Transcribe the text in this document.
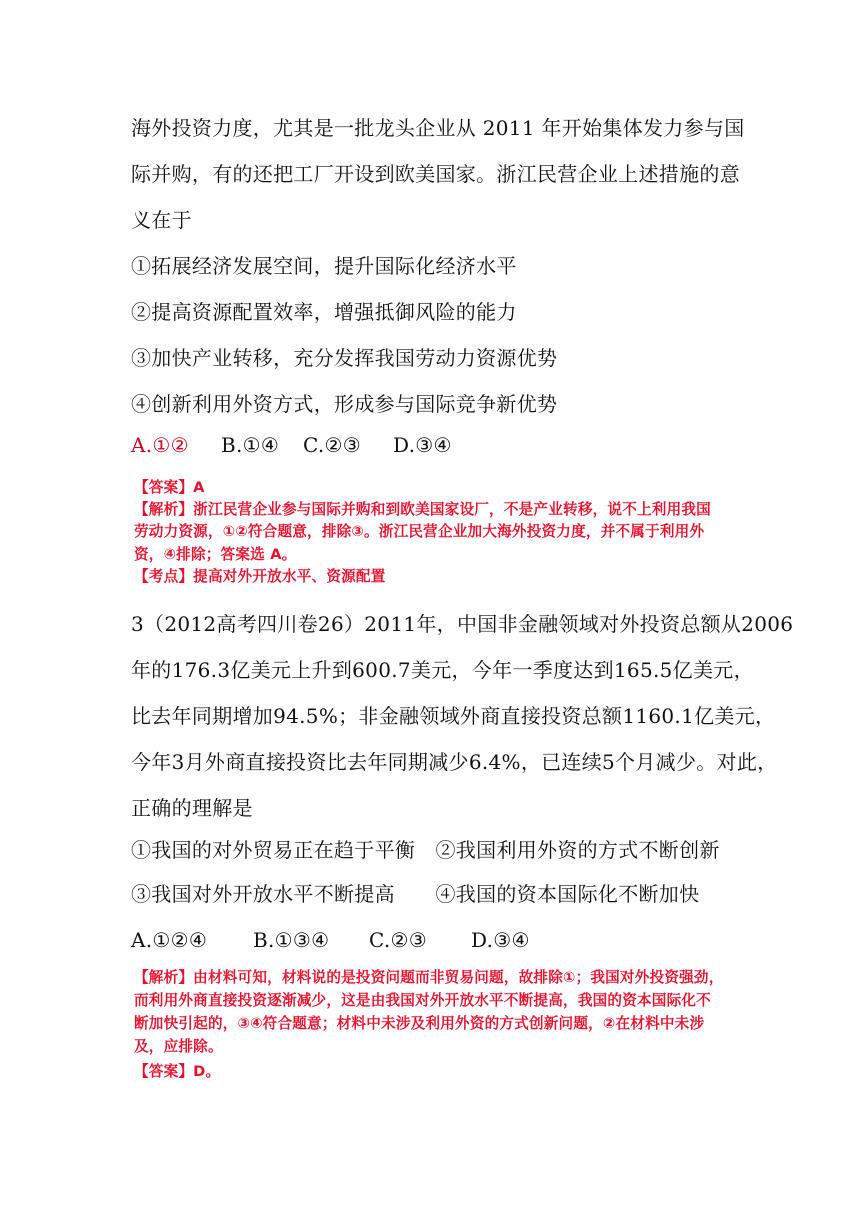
海外投资力度，尤其是一批龙头企业从 2011 年开始集体发力参与国
际并购，有的还把工厂开设到欧美国家。浙江民营企业上述措施的意
义在于
①拓展经济发展空间，提升国际化经济水平
②提高资源配置效率，增强抵御风险的能力
③加快产业转移，充分发挥我国劳动力资源优势
④创新利用外资方式，形成参与国际竞争新优势
A.①② B.①④ C.②③ D.③④
【答案】A
【解析】浙江民营企业参与国际并购和到欧美国家设厂，不是产业转移，说不上利用我国
劳动力资源，①②符合题意，排除③。浙江民营企业加大海外投资力度，并不属于利用外
资，④排除；答案选 A。
【考点】提高对外开放水平、资源配置
3（2012高考四川卷26）2011年，中国非金融领域对外投资总额从2006
年的176.3亿美元上升到600.7美元，今年一季度达到165.5亿美元，
比去年同期增加94.5%；非金融领域外商直接投资总额1160.1亿美元，
今年3月外商直接投资比去年同期减少6.4%，已连续5个月减少。对此，
正确的理解是
①我国的对外贸易正在趋于平衡　②我国利用外资的方式不断创新
③我国对外开放水平不断提高　　④我国的资本国际化不断加快
A.①②④ B.①③④ C.②③ D.③④
【解析】由材料可知，材料说的是投资问题而非贸易问题，故排除①；我国对外投资强劲，
而利用外商直接投资逐渐减少，这是由我国对外开放水平不断提高，我国的资本国际化不
断加快引起的，③④符合题意；材料中未涉及利用外资的方式创新问题，②在材料中未涉
及，应排除。
【答案】D。
